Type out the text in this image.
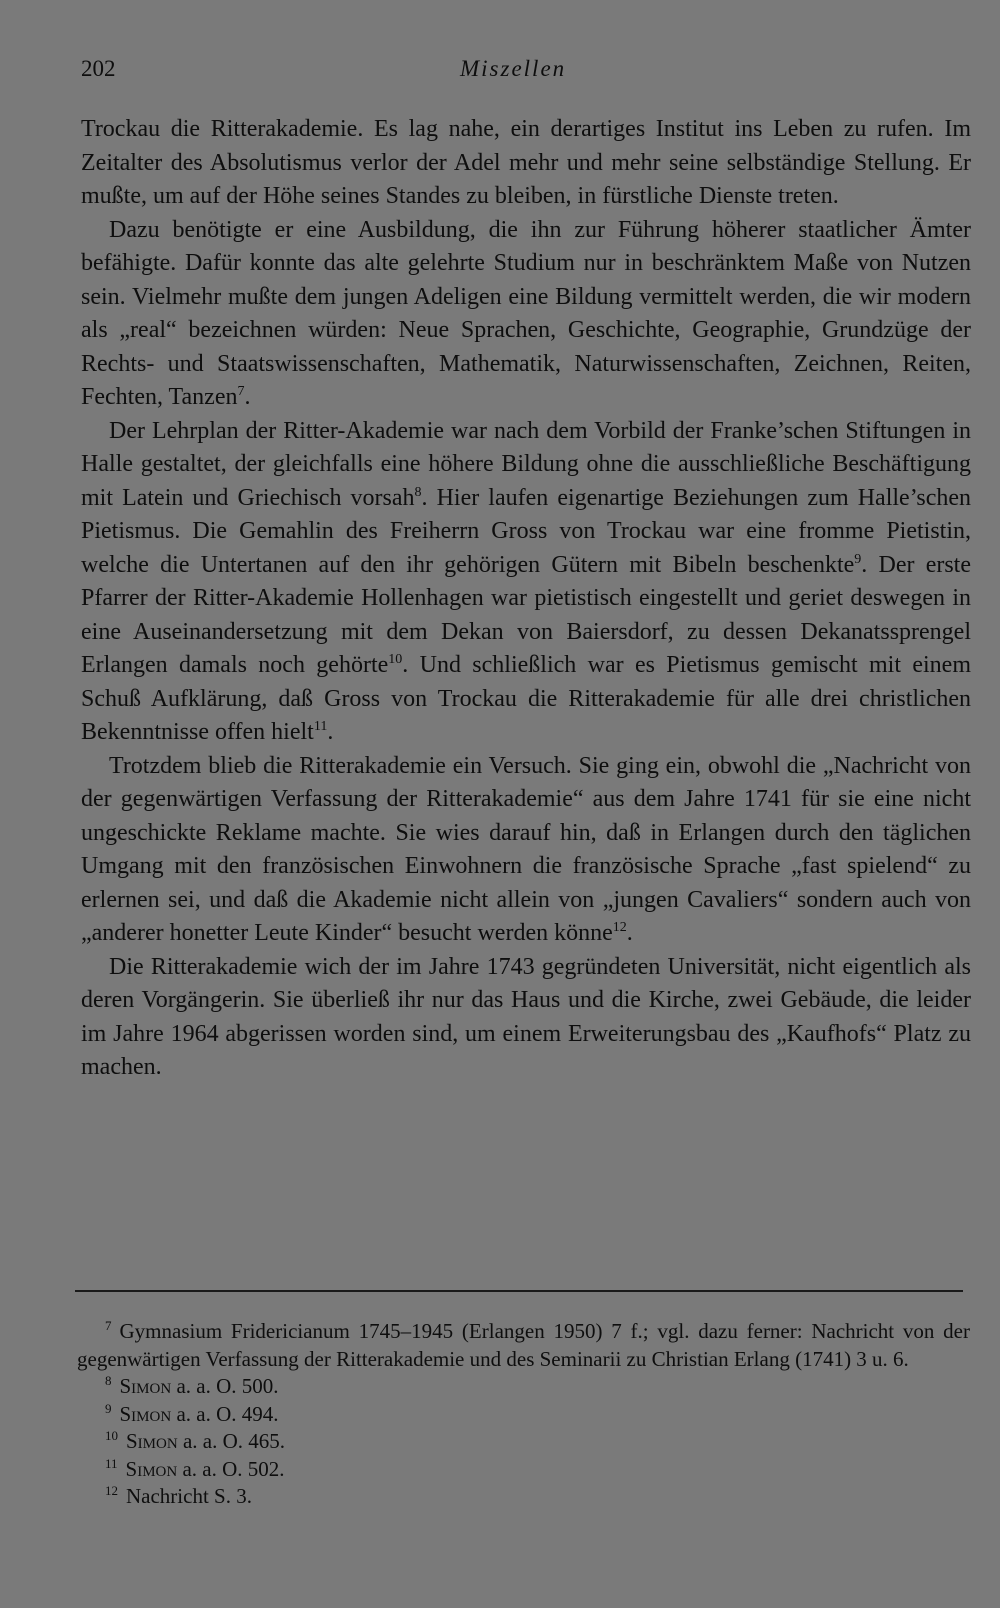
202	Miszellen

Trockau die Ritterakademie. Es lag nahe, ein derartiges Institut ins Leben zu rufen. Im Zeitalter des Absolutismus verlor der Adel mehr und mehr seine selbständige Stellung. Er mußte, um auf der Höhe seines Standes zu bleiben, in fürstliche Dienste treten.

Dazu benötigte er eine Ausbildung, die ihn zur Führung höherer staatlicher Ämter befähigte. Dafür konnte das alte gelehrte Studium nur in beschränktem Maße von Nutzen sein. Vielmehr mußte dem jungen Adeligen eine Bildung vermittelt werden, die wir modern als „real“ bezeichnen würden: Neue Sprachen, Geschichte, Geographie, Grundzüge der Rechts- und Staatswissenschaften, Mathematik, Naturwissenschaften, Zeichnen, Reiten, Fechten, Tanzen$^7$.

Der Lehrplan der Ritter-Akademie war nach dem Vorbild der Franke’schen Stiftungen in Halle gestaltet, der gleichfalls eine höhere Bildung ohne die ausschließliche Beschäftigung mit Latein und Griechisch vorsah$^8$. Hier laufen eigenartige Beziehungen zum Halle’schen Pietismus. Die Gemahlin des Freiherrn Gross von Trockau war eine fromme Pietistin, welche die Untertanen auf den ihr gehörigen Gütern mit Bibeln beschenkte$^9$. Der erste Pfarrer der Ritter-Akademie Hollenhagen war pietistisch eingestellt und geriet deswegen in eine Auseinandersetzung mit dem Dekan von Baiersdorf, zu dessen Dekanatssprengel Erlangen damals noch gehörte$^{10}$. Und schließlich war es Pietismus gemischt mit einem Schuß Aufklärung, daß Gross von Trockau die Ritterakademie für alle drei christlichen Bekenntnisse offen hielt$^{11}$.

Trotzdem blieb die Ritterakademie ein Versuch. Sie ging ein, obwohl die „Nachricht von der gegenwärtigen Verfassung der Ritterakademie“ aus dem Jahre 1741 für sie eine nicht ungeschickte Reklame machte. Sie wies darauf hin, daß in Erlangen durch den täglichen Umgang mit den französischen Einwohnern die französische Sprache „fast spielend“ zu erlernen sei, und daß die Akademie nicht allein von „jungen Cavaliers“ sondern auch von „anderer honetter Leute Kinder“ besucht werden könne$^{12}$.

Die Ritterakademie wich der im Jahre 1743 gegründeten Universität, nicht eigentlich als deren Vorgängerin. Sie überließ ihr nur das Haus und die Kirche, zwei Gebäude, die leider im Jahre 1964 abgerissen worden sind, um einem Erweiterungsbau des „Kaufhofs“ Platz zu machen.

$^7$ Gymnasium Fridericianum 1745–1945 (Erlangen 1950) 7 f.; vgl. dazu ferner: Nachricht von der gegenwärtigen Verfassung der Ritterakademie und des Seminarii zu Christian Erlang (1741) 3 u. 6.

$^8$ Simon a. a. O. 500.

$^9$ Simon a. a. O. 494.

$^{10}$ Simon a. a. O. 465.

$^{11}$ Simon a. a. O. 502.

$^{12}$ Nachricht S. 3.
